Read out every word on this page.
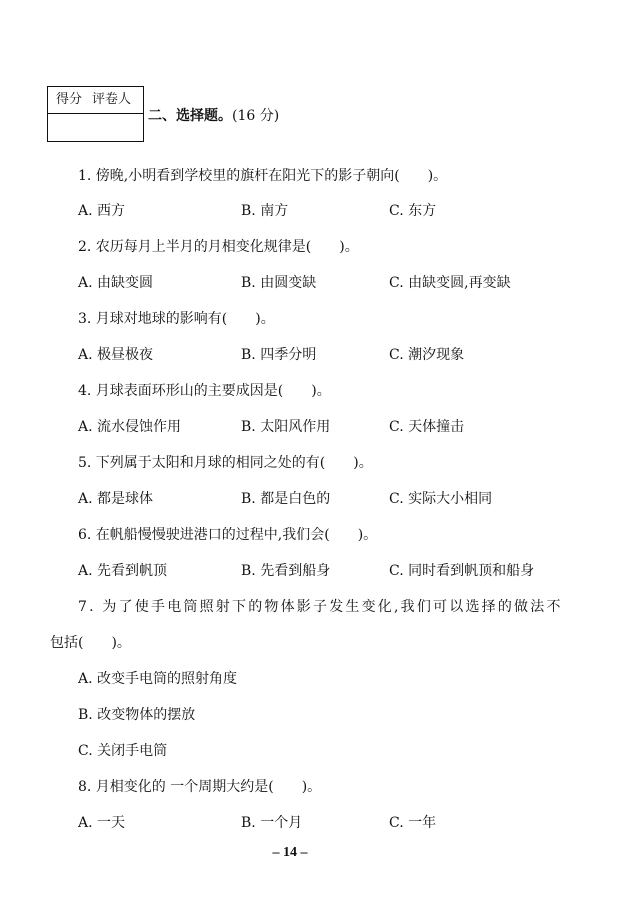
得分 评卷人
二、选择题。(16 分)
1. 傍晚,小明看到学校里的旗杆在阳光下的影子朝向(　　)。
A. 西方	B. 南方	C. 东方
2. 农历每月上半月的月相变化规律是(　　)。
A. 由缺变圆	B. 由圆变缺	C. 由缺变圆,再变缺
3. 月球对地球的影响有(　　)。
A. 极昼极夜	B. 四季分明	C. 潮汐现象
4. 月球表面环形山的主要成因是(　　)。
A. 流水侵蚀作用	B. 太阳风作用	C. 天体撞击
5. 下列属于太阳和月球的相同之处的有(　　)。
A. 都是球体	B. 都是白色的	C. 实际大小相同
6. 在帆船慢慢驶进港口的过程中,我们会(　　)。
A. 先看到帆顶	B. 先看到船身	C. 同时看到帆顶和船身
7. 为了使手电筒照射下的物体影子发生变化,我们可以选择的做法不
包括(　　)。
A. 改变手电筒的照射角度
B. 改变物体的摆放
C. 关闭手电筒
8. 月相变化的 一个周期大约是(　　)。
A. 一天	B. 一个月	C. 一年
– 14 –
